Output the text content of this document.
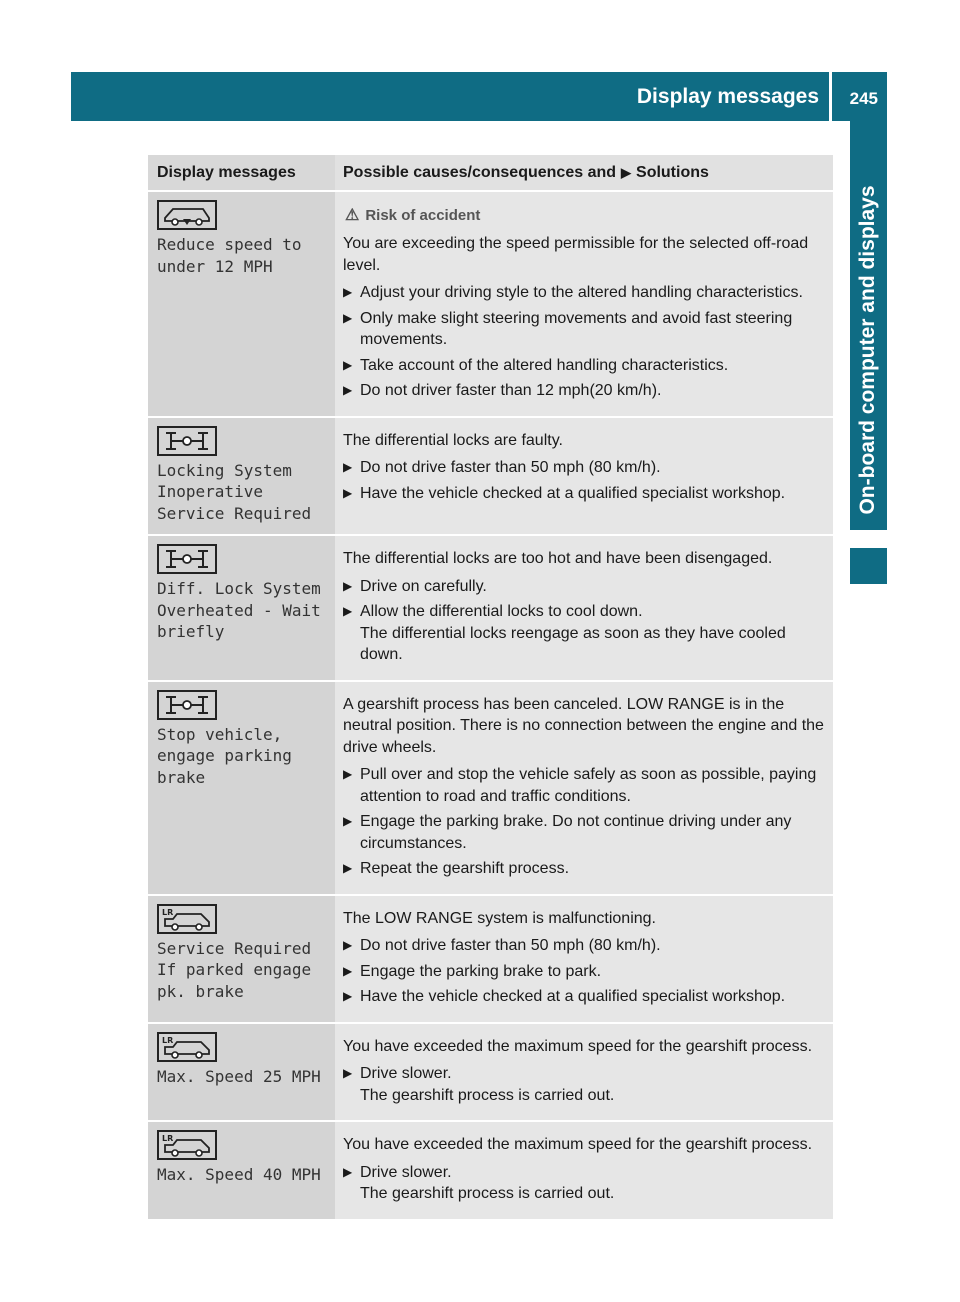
Display messages 245
On-board computer and displays
Display messages	Possible causes/consequences and ▶ Solutions
Reduce speed to
under 12 MPH
⚠ Risk of accident
You are exceeding the speed permissible for the selected off-road level.
▶ Adjust your driving style to the altered handling characteristics.
▶ Only make slight steering movements and avoid fast steering movements.
▶ Take account of the altered handling characteristics.
▶ Do not driver faster than 12 mph(20 km/h).
Locking System
Inoperative
Service Required
The differential locks are faulty.
▶ Do not drive faster than 50 mph (80 km/h).
▶ Have the vehicle checked at a qualified specialist workshop.
Diff. Lock System
Overheated - Wait
briefly
The differential locks are too hot and have been disengaged.
▶ Drive on carefully.
▶ Allow the differential locks to cool down.
The differential locks reengage as soon as they have cooled down.
Stop vehicle,
engage parking
brake
A gearshift process has been canceled. LOW RANGE is in the neutral position. There is no connection between the engine and the drive wheels.
▶ Pull over and stop the vehicle safely as soon as possible, paying attention to road and traffic conditions.
▶ Engage the parking brake. Do not continue driving under any circumstances.
▶ Repeat the gearshift process.
LR
Service Required
If parked engage
pk. brake
The LOW RANGE system is malfunctioning.
▶ Do not drive faster than 50 mph (80 km/h).
▶ Engage the parking brake to park.
▶ Have the vehicle checked at a qualified specialist workshop.
LR
Max. Speed 25 MPH
You have exceeded the maximum speed for the gearshift process.
▶ Drive slower.
The gearshift process is carried out.
LR
Max. Speed 40 MPH
You have exceeded the maximum speed for the gearshift process.
▶ Drive slower.
The gearshift process is carried out.
